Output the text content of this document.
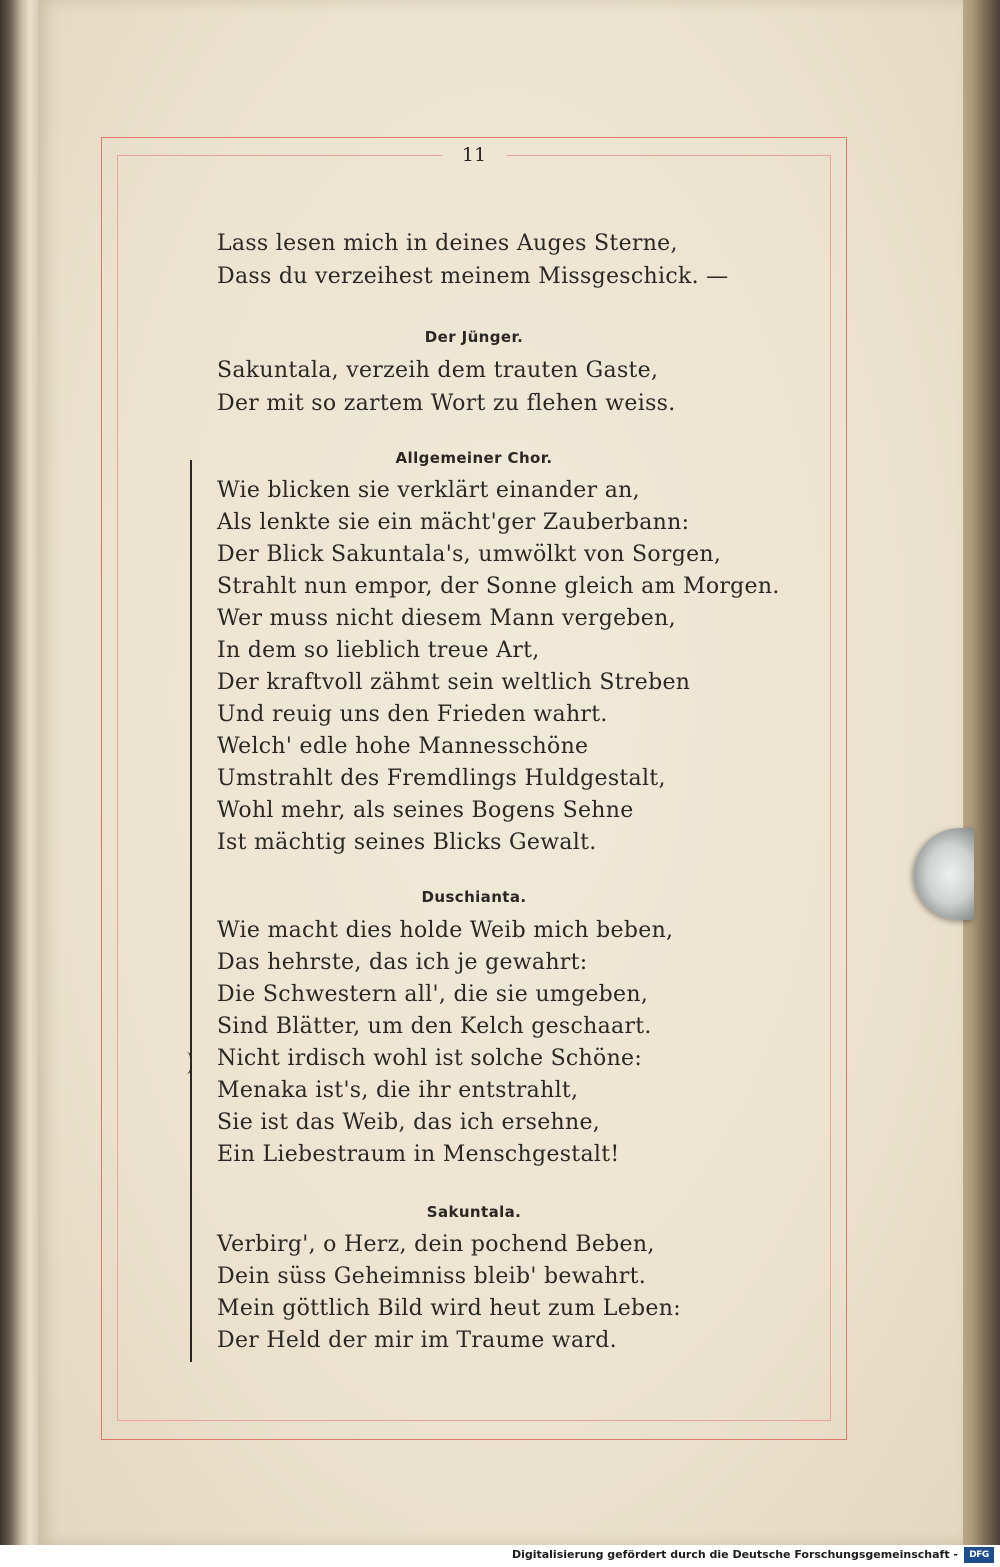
11
Lass lesen mich in deines Auges Sterne,
Dass du verzeihest meinem Missgeschick. —
Der Jünger.
Sakuntala, verzeih dem trauten Gaste,
Der mit so zartem Wort zu flehen weiss.
Allgemeiner Chor.
Wie blicken sie verklärt einander an,
Als lenkte sie ein mächt'ger Zauberbann:
Der Blick Sakuntala's, umwölkt von Sorgen,
Strahlt nun empor, der Sonne gleich am Morgen.
Wer muss nicht diesem Mann vergeben,
In dem so lieblich treue Art,
Der kraftvoll zähmt sein weltlich Streben
Und reuig uns den Frieden wahrt.
Welch' edle hohe Mannesschöne
Umstrahlt des Fremdlings Huldgestalt,
Wohl mehr, als seines Bogens Sehne
Ist mächtig seines Blicks Gewalt.
Duschianta.
Wie macht dies holde Weib mich beben,
Das hehrste, das ich je gewahrt:
Die Schwestern all', die sie umgeben,
Sind Blätter, um den Kelch geschaart.
Nicht irdisch wohl ist solche Schöne:
Menaka ist's, die ihr entstrahlt,
Sie ist das Weib, das ich ersehne,
Ein Liebestraum in Menschgestalt!
Sakuntala.
Verbirg', o Herz, dein pochend Beben,
Dein süss Geheimniss bleib' bewahrt.
Mein göttlich Bild wird heut zum Leben:
Der Held der mir im Traume ward.
Digitalisierung gefördert durch die Deutsche Forschungsgemeinschaft -	DFG
